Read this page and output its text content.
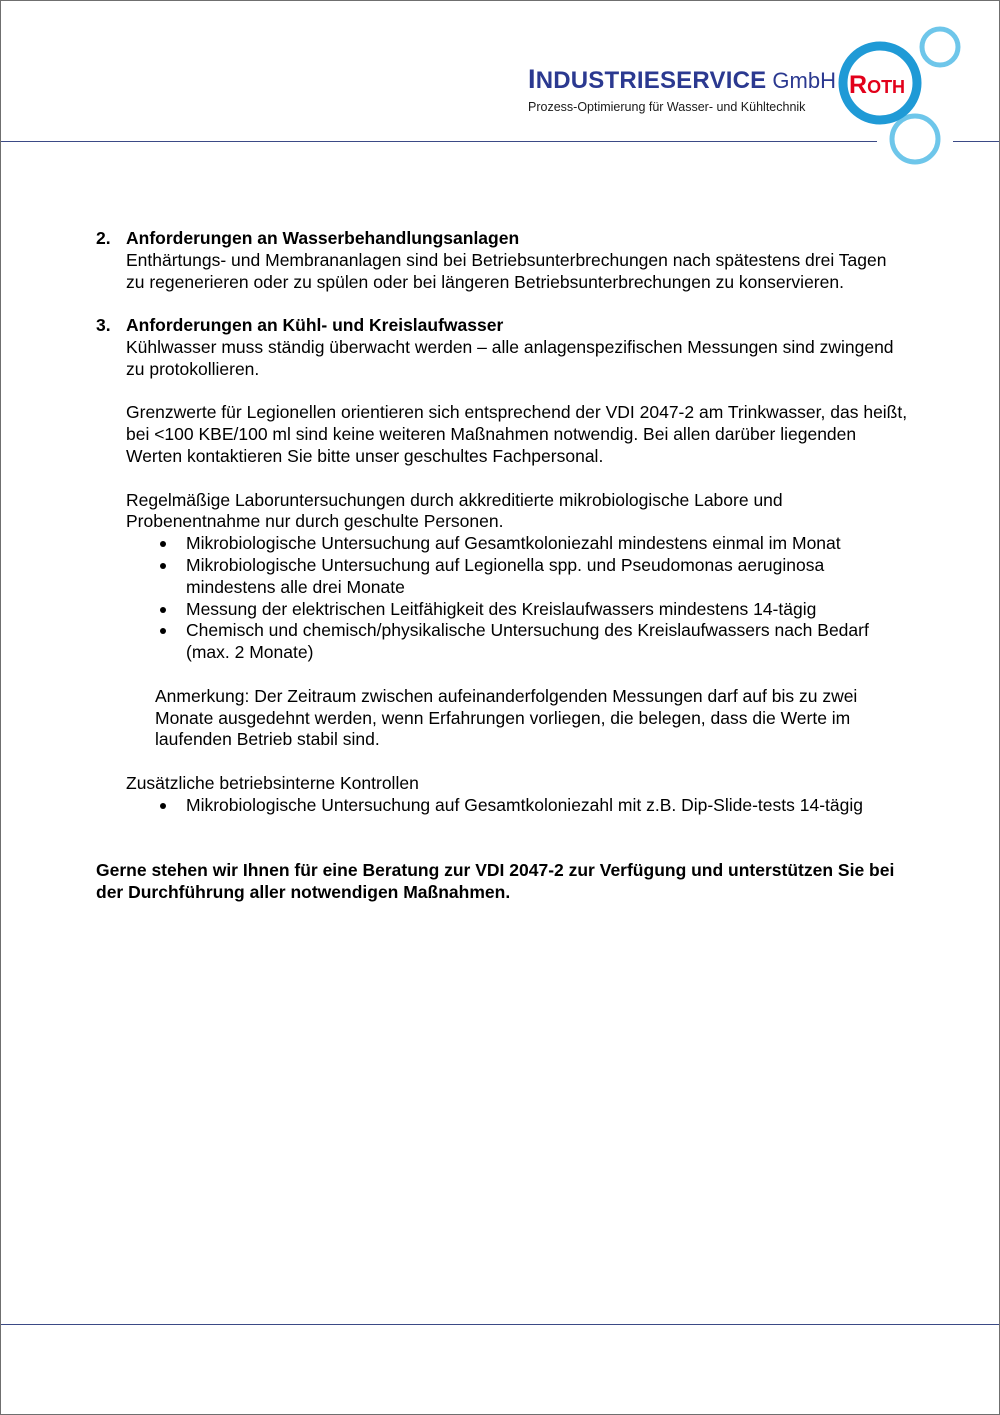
INDUSTRIESERVICE GmbH
Prozess-Optimierung für Wasser- und Kühltechnik
ROTH
2. Anforderungen an Wasserbehandlungsanlagen
Enthärtungs- und Membrananlagen sind bei Betriebsunterbrechungen nach spätestens drei Tagen
zu regenerieren oder zu spülen oder bei längeren Betriebsunterbrechungen zu konservieren.
3. Anforderungen an Kühl- und Kreislaufwasser
Kühlwasser muss ständig überwacht werden – alle anlagenspezifischen Messungen sind zwingend
zu protokollieren.
Grenzwerte für Legionellen orientieren sich entsprechend der VDI 2047-2 am Trinkwasser, das heißt,
bei <100 KBE/100 ml sind keine weiteren Maßnahmen notwendig. Bei allen darüber liegenden
Werten kontaktieren Sie bitte unser geschultes Fachpersonal.
Regelmäßige Laboruntersuchungen durch akkreditierte mikrobiologische Labore und
Probenentnahme nur durch geschulte Personen.
Mikrobiologische Untersuchung auf Gesamtkoloniezahl mindestens einmal im Monat
Mikrobiologische Untersuchung auf Legionella spp. und Pseudomonas aeruginosa
mindestens alle drei Monate
Messung der elektrischen Leitfähigkeit des Kreislaufwassers mindestens 14-tägig
Chemisch und chemisch/physikalische Untersuchung des Kreislaufwassers nach Bedarf
(max. 2 Monate)
Anmerkung: Der Zeitraum zwischen aufeinanderfolgenden Messungen darf auf bis zu zwei
Monate ausgedehnt werden, wenn Erfahrungen vorliegen, die belegen, dass die Werte im
laufenden Betrieb stabil sind.
Zusätzliche betriebsinterne Kontrollen
Mikrobiologische Untersuchung auf Gesamtkoloniezahl mit z.B. Dip-Slide-tests 14-tägig
Gerne stehen wir Ihnen für eine Beratung zur VDI 2047-2 zur Verfügung und unterstützen Sie bei
der Durchführung aller notwendigen Maßnahmen.
